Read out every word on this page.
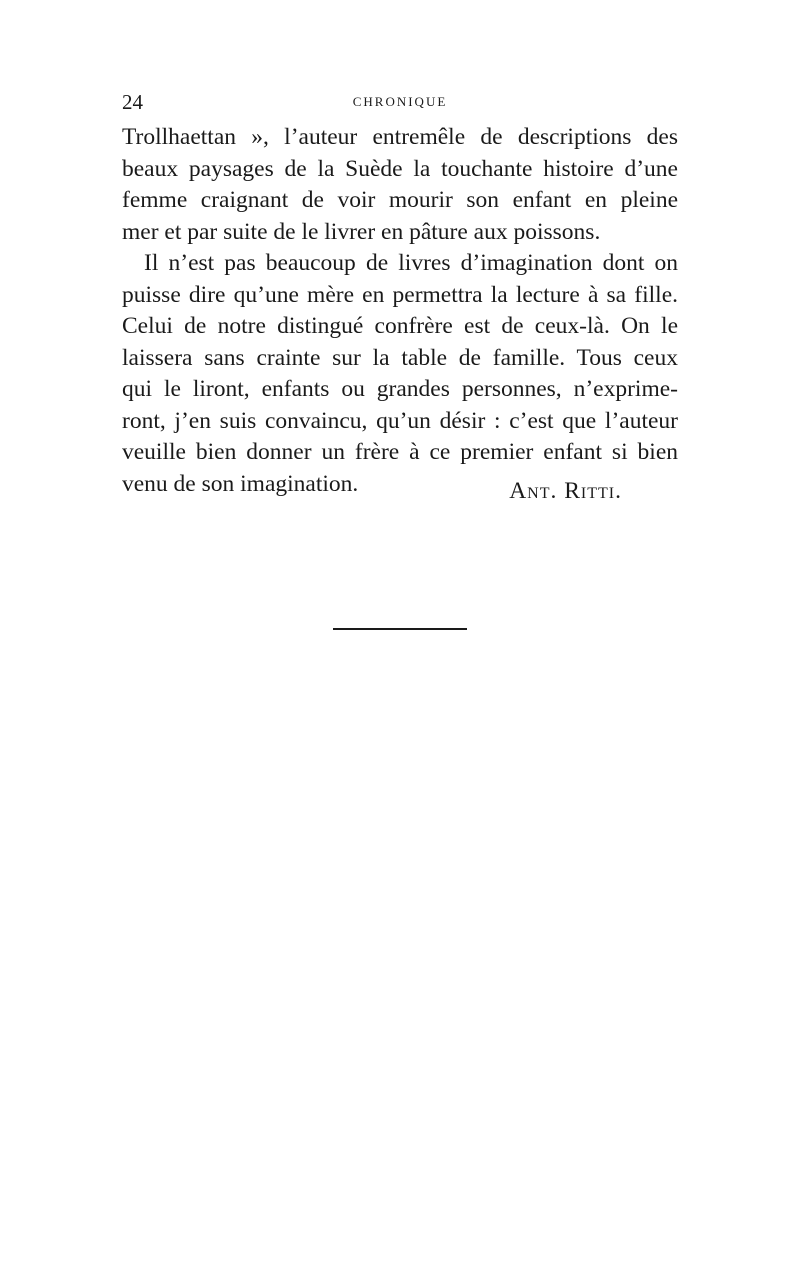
24	CHRONIQUE
Trollhaettan », l’auteur entremêle de descriptions des
beaux paysages de la Suède la touchante histoire d’une
femme craignant de voir mourir son enfant en pleine
mer et par suite de le livrer en pâture aux poissons.
Il n’est pas beaucoup de livres d’imagination dont on
puisse dire qu’une mère en permettra la lecture à sa fille.
Celui de notre distingué confrère est de ceux-là. On le
laissera sans crainte sur la table de famille. Tous ceux
qui le liront, enfants ou grandes personnes, n’exprime-
ront, j’en suis convaincu, qu’un désir : c’est que l’auteur
veuille bien donner un frère à ce premier enfant si bien
venu de son imagination.	Ant. Ritti.
